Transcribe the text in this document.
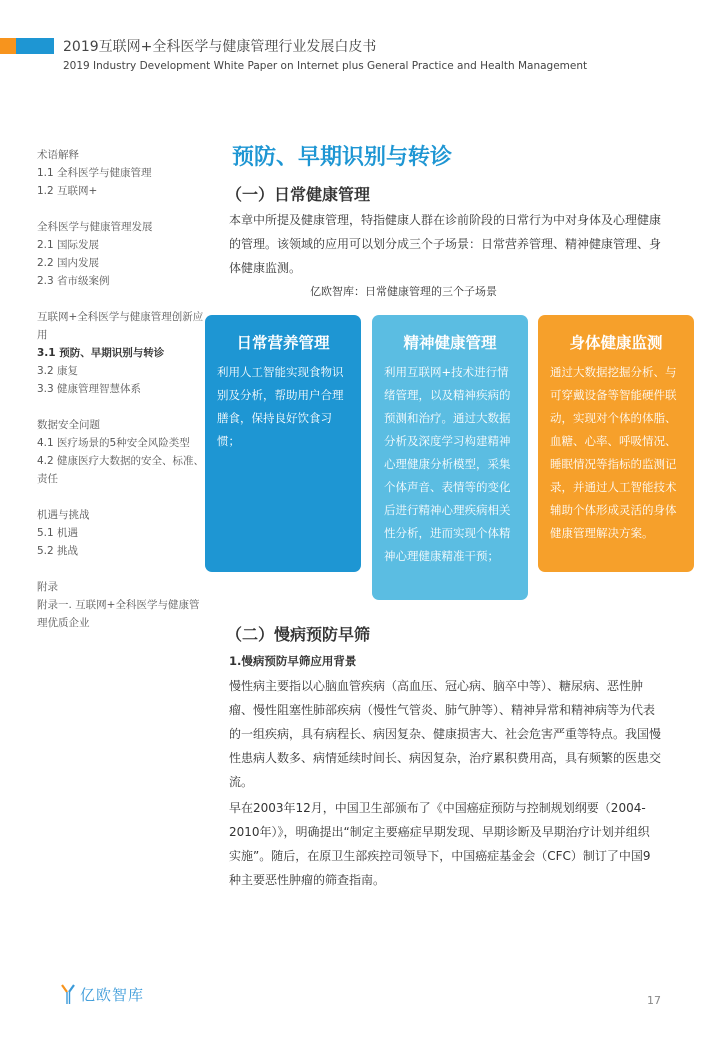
2019互联网+全科医学与健康管理行业发展白皮书
2019 Industry Development White Paper on Internet plus General Practice and Health Management
术语解释
1.1 全科医学与健康管理
1.2 互联网+
全科医学与健康管理发展
2.1 国际发展
2.2 国内发展
2.3 省市级案例
互联网+全科医学与健康管理创新应用
3.1 预防、早期识别与转诊
3.2 康复
3.3 健康管理智慧体系
数据安全问题
4.1 医疗场景的5种安全风险类型
4.2 健康医疗大数据的安全、标准、责任
机遇与挑战
5.1 机遇
5.2 挑战
附录
附录一. 互联网+全科医学与健康管理优质企业
预防、早期识别与转诊
（一）日常健康管理
本章中所提及健康管理，特指健康人群在诊前阶段的日常行为中对身体及心理健康的管理。该领域的应用可以划分成三个子场景：日常营养管理、精神健康管理、身体健康监测。
亿欧智库：日常健康管理的三个子场景
日常营养管理
利用人工智能实现食物识别及分析，帮助用户合理膳食，保持良好饮食习惯；
精神健康管理
利用互联网+技术进行情绪管理，以及精神疾病的预测和治疗。通过大数据分析及深度学习构建精神心理健康分析模型，采集个体声音、表情等的变化后进行精神心理疾病相关性分析，进而实现个体精神心理健康精准干预；
身体健康监测
通过大数据挖掘分析、与可穿戴设备等智能硬件联动，实现对个体的体脂、血糖、心率、呼吸情况、睡眠情况等指标的监测记录，并通过人工智能技术辅助个体形成灵活的身体健康管理解决方案。
（二）慢病预防早筛
1.慢病预防早筛应用背景
慢性病主要指以心脑血管疾病（高血压、冠心病、脑卒中等）、糖尿病、恶性肿瘤、慢性阻塞性肺部疾病（慢性气管炎、肺气肿等）、精神异常和精神病等为代表的一组疾病，具有病程长、病因复杂、健康损害大、社会危害严重等特点。我国慢性患病人数多、病情延续时间长、病因复杂，治疗累积费用高，具有频繁的医患交流。
早在2003年12月，中国卫生部颁布了《中国癌症预防与控制规划纲要（2004-2010年）》，明确提出“制定主要癌症早期发现、早期诊断及早期治疗计划并组织实施”。随后，在原卫生部疾控司领导下，中国癌症基金会（CFC）制订了中国9种主要恶性肿瘤的筛查指南。
亿欧智库	17
